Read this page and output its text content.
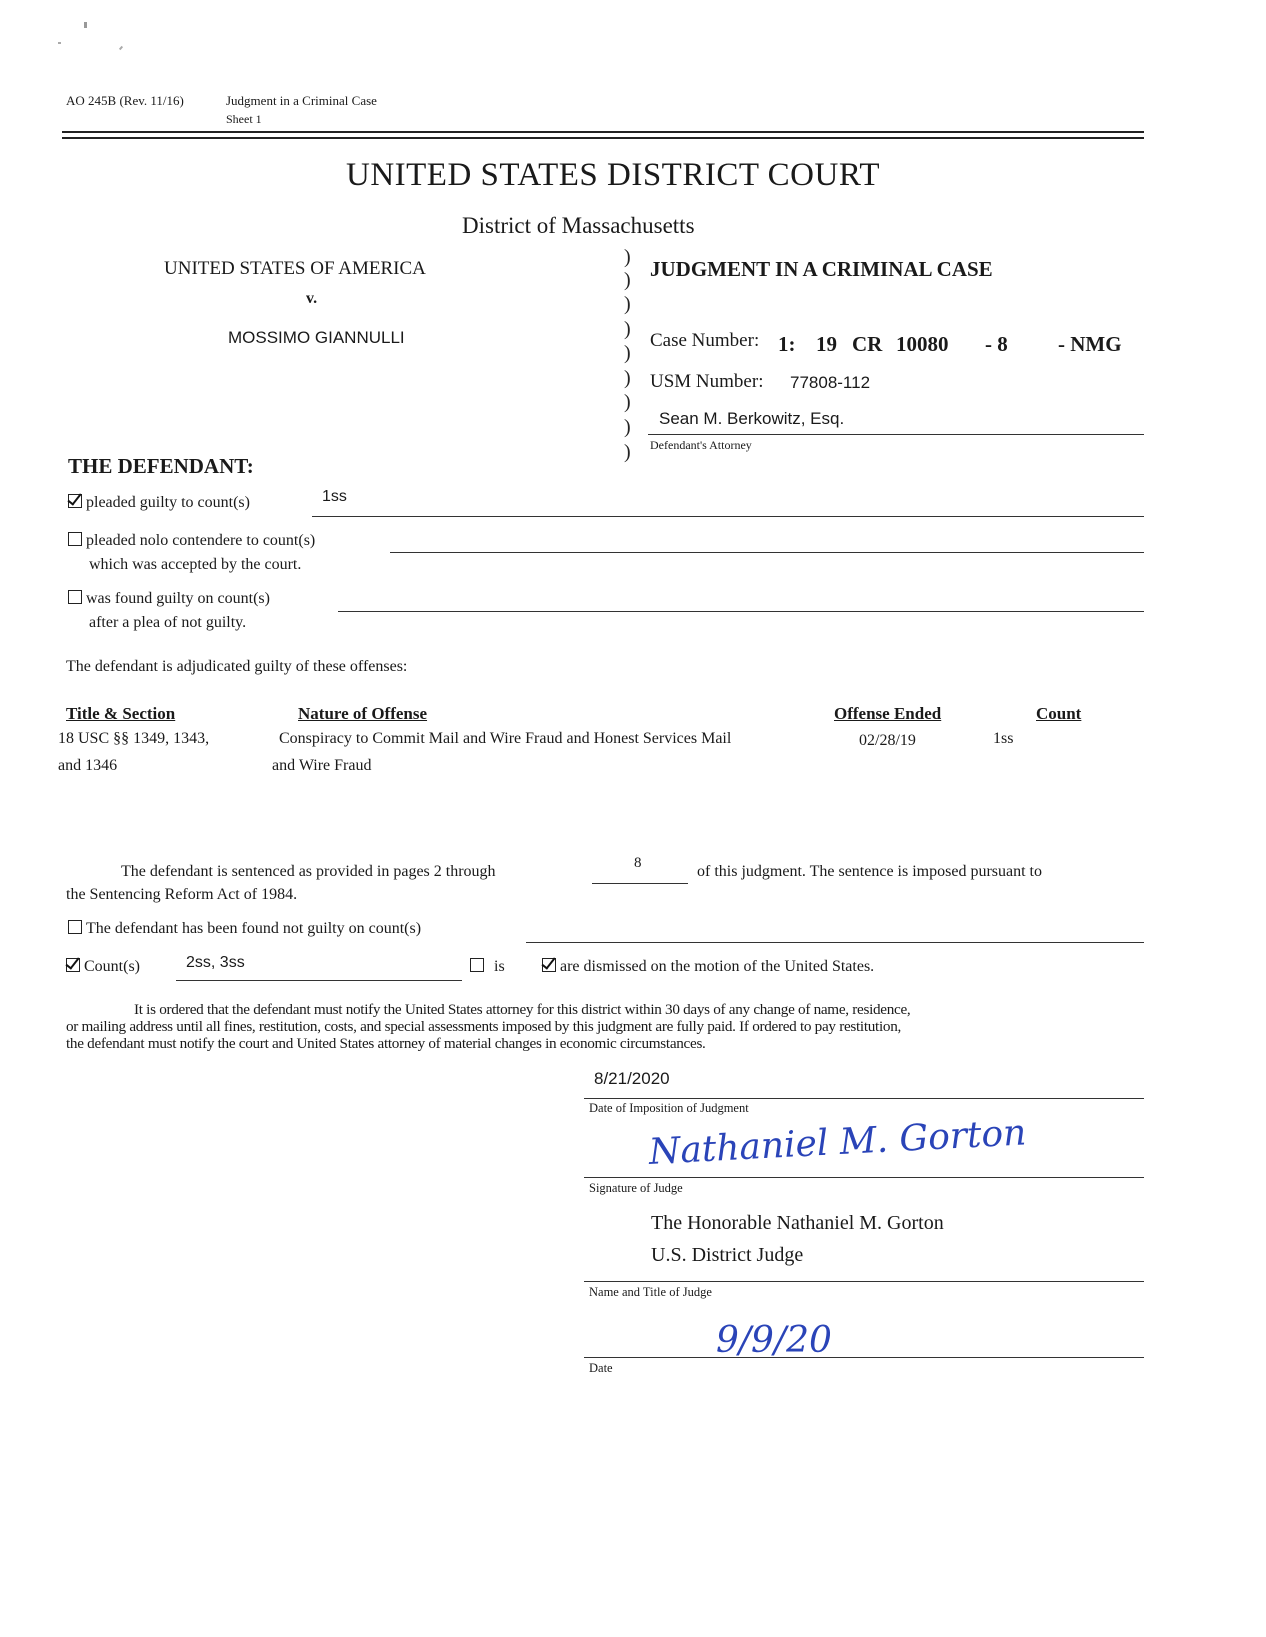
AO 245B (Rev. 11/16)	Judgment in a Criminal Case
Sheet 1
UNITED STATES DISTRICT COURT
District of Massachusetts
UNITED STATES OF AMERICA
v.
MOSSIMO GIANNULLI
)
)
)
)
)
)
)
)
)
JUDGMENT IN A CRIMINAL CASE
Case Number: 1: 19 CR 10080 - 8 - NMG
USM Number: 77808-112
Sean M. Berkowitz, Esq.
Defendant's Attorney
THE DEFENDANT:
pleaded guilty to count(s)	1ss
pleaded nolo contendere to count(s)
which was accepted by the court.
was found guilty on count(s)
after a plea of not guilty.
The defendant is adjudicated guilty of these offenses:
Title & Section	Nature of Offense	Offense Ended	Count
18 USC §§ 1349, 1343,
and 1346
Conspiracy to Commit Mail and Wire Fraud and Honest Services Mail
and Wire Fraud
02/28/19	1ss
The defendant is sentenced as provided in pages 2 through	8	of this judgment. The sentence is imposed pursuant to
the Sentencing Reform Act of 1984.
The defendant has been found not guilty on count(s)
Count(s)	2ss, 3ss	is	are dismissed on the motion of the United States.
It is ordered that the defendant must notify the United States attorney for this district within 30 days of any change of name, residence,
or mailing address until all fines, restitution, costs, and special assessments imposed by this judgment are fully paid. If ordered to pay restitution,
the defendant must notify the court and United States attorney of material changes in economic circumstances.
8/21/2020
Date of Imposition of Judgment
Nathaniel M. Gorton
Signature of Judge
The Honorable Nathaniel M. Gorton
U.S. District Judge
Name and Title of Judge
9/9/20
Date
